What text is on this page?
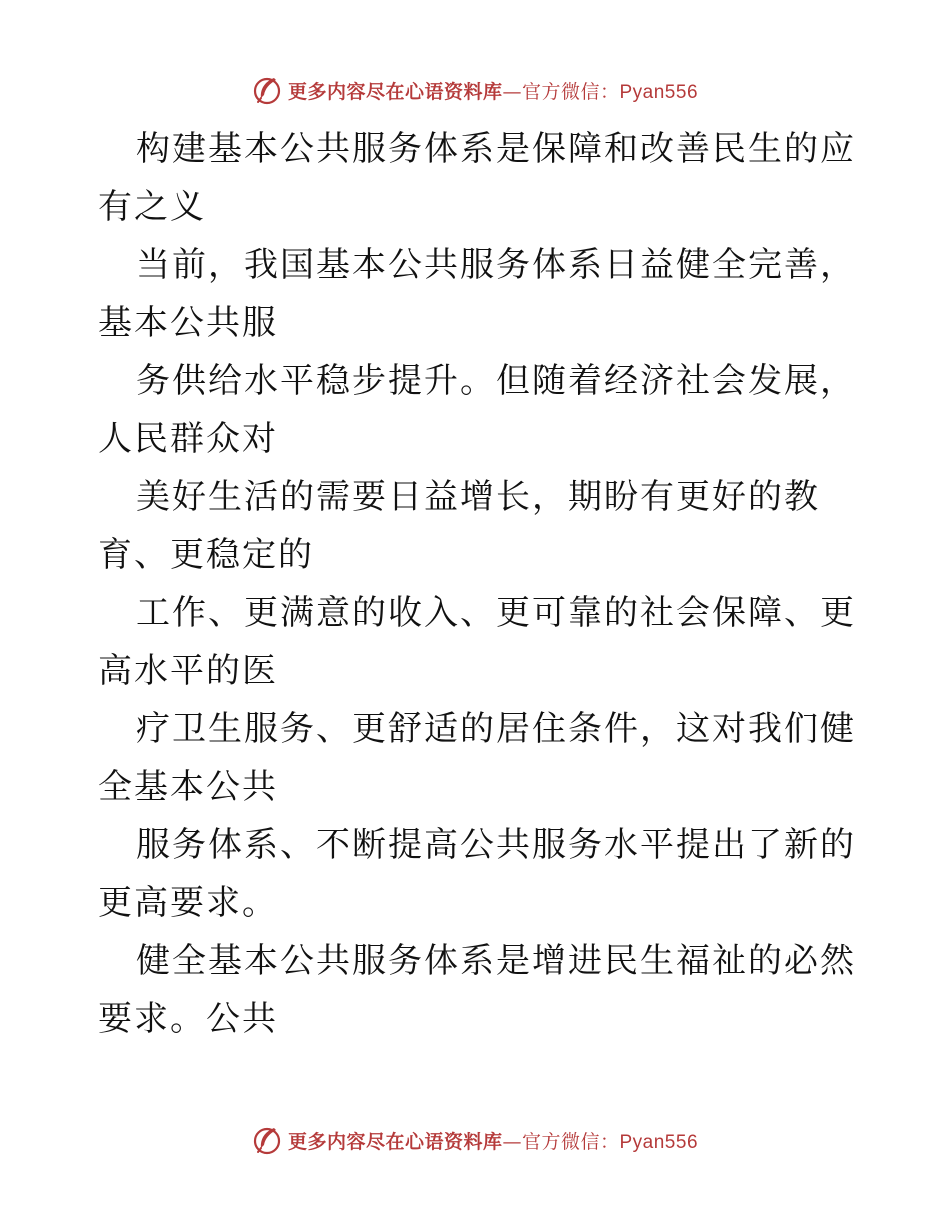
更多内容尽在心语资料库—官方微信：Pyan556

构建基本公共服务体系是保障和改善民生的应有之义

当前，我国基本公共服务体系日益健全完善，基本公共服

务供给水平稳步提升。但随着经济社会发展，人民群众对

美好生活的需要日益增长，期盼有更好的教育、更稳定的

工作、更满意的收入、更可靠的社会保障、更高水平的医

疗卫生服务、更舒适的居住条件，这对我们健全基本公共

服务体系、不断提高公共服务水平提出了新的更高要求。

健全基本公共服务体系是增进民生福祉的必然要求。公共

更多内容尽在心语资料库—官方微信：Pyan556
